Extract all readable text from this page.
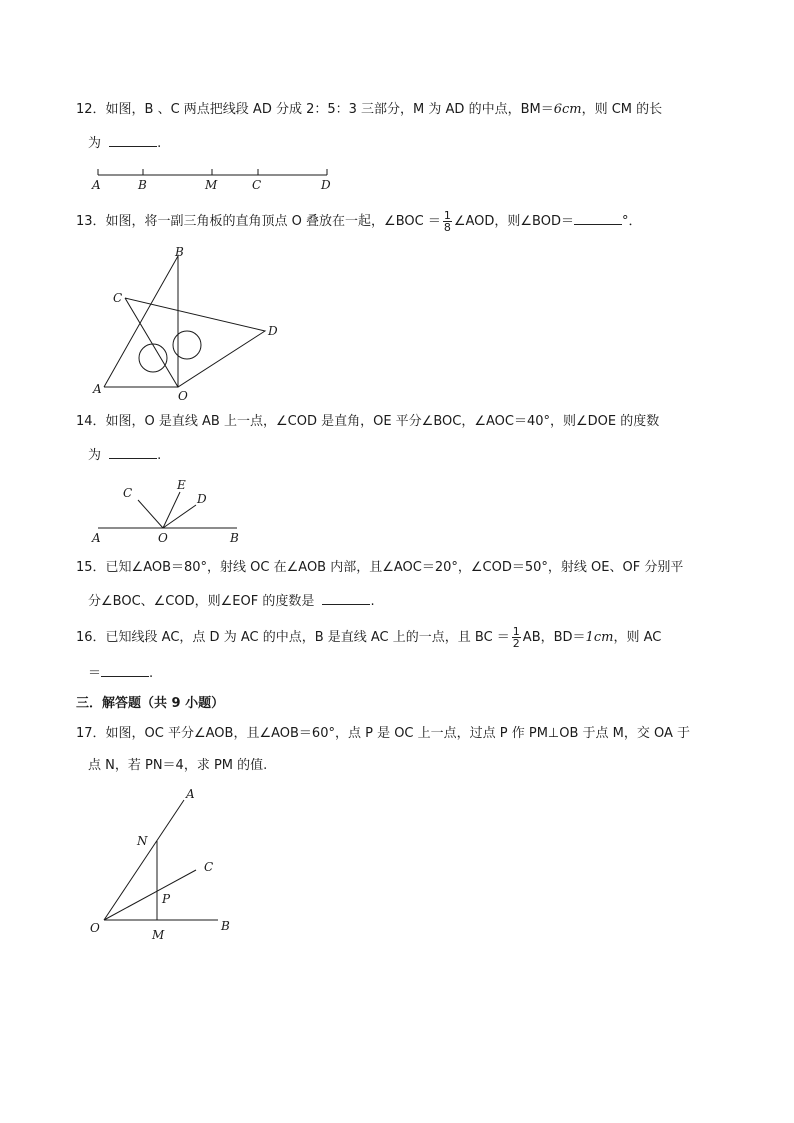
12．如图，B 、C 两点把线段 AD 分成 2：5：3 三部分，M 为 AD 的中点，BM＝6cm，则 CM 的长
为	.
A	B	M	C	D
13．如图，将一副三角板的直角顶点 O 叠放在一起，∠BOC ＝ $\frac{1}{8}$ ∠AOD，则∠BOD＝	°．
B
C
D
A	O
14．如图，O 是直线 AB 上一点，∠COD 是直角，OE 平分∠BOC，∠AOC＝40°，则∠DOE 的度数
为	.
C
E
D
A	O	B
15．已知∠AOB＝80°，射线 OC 在∠AOB 内部，且∠AOC＝20°，∠COD＝50°，射线 OE、OF 分别平
分∠BOC、∠COD，则∠EOF 的度数是	.
16．已知线段 AC，点 D 为 AC 的中点，B 是直线 AC 上的一点，且 BC ＝ $\frac{1}{2}$ AB，BD＝1cm，则 AC
＝	.
三．解答题（共 9 小题）
17．如图，OC 平分∠AOB，且∠AOB＝60°，点 P 是 OC 上一点，过点 P 作 PM⊥OB 于点 M，交 OA 于
点 N，若 PN＝4，求 PM 的值.
A
N
C
P
O	M
B
